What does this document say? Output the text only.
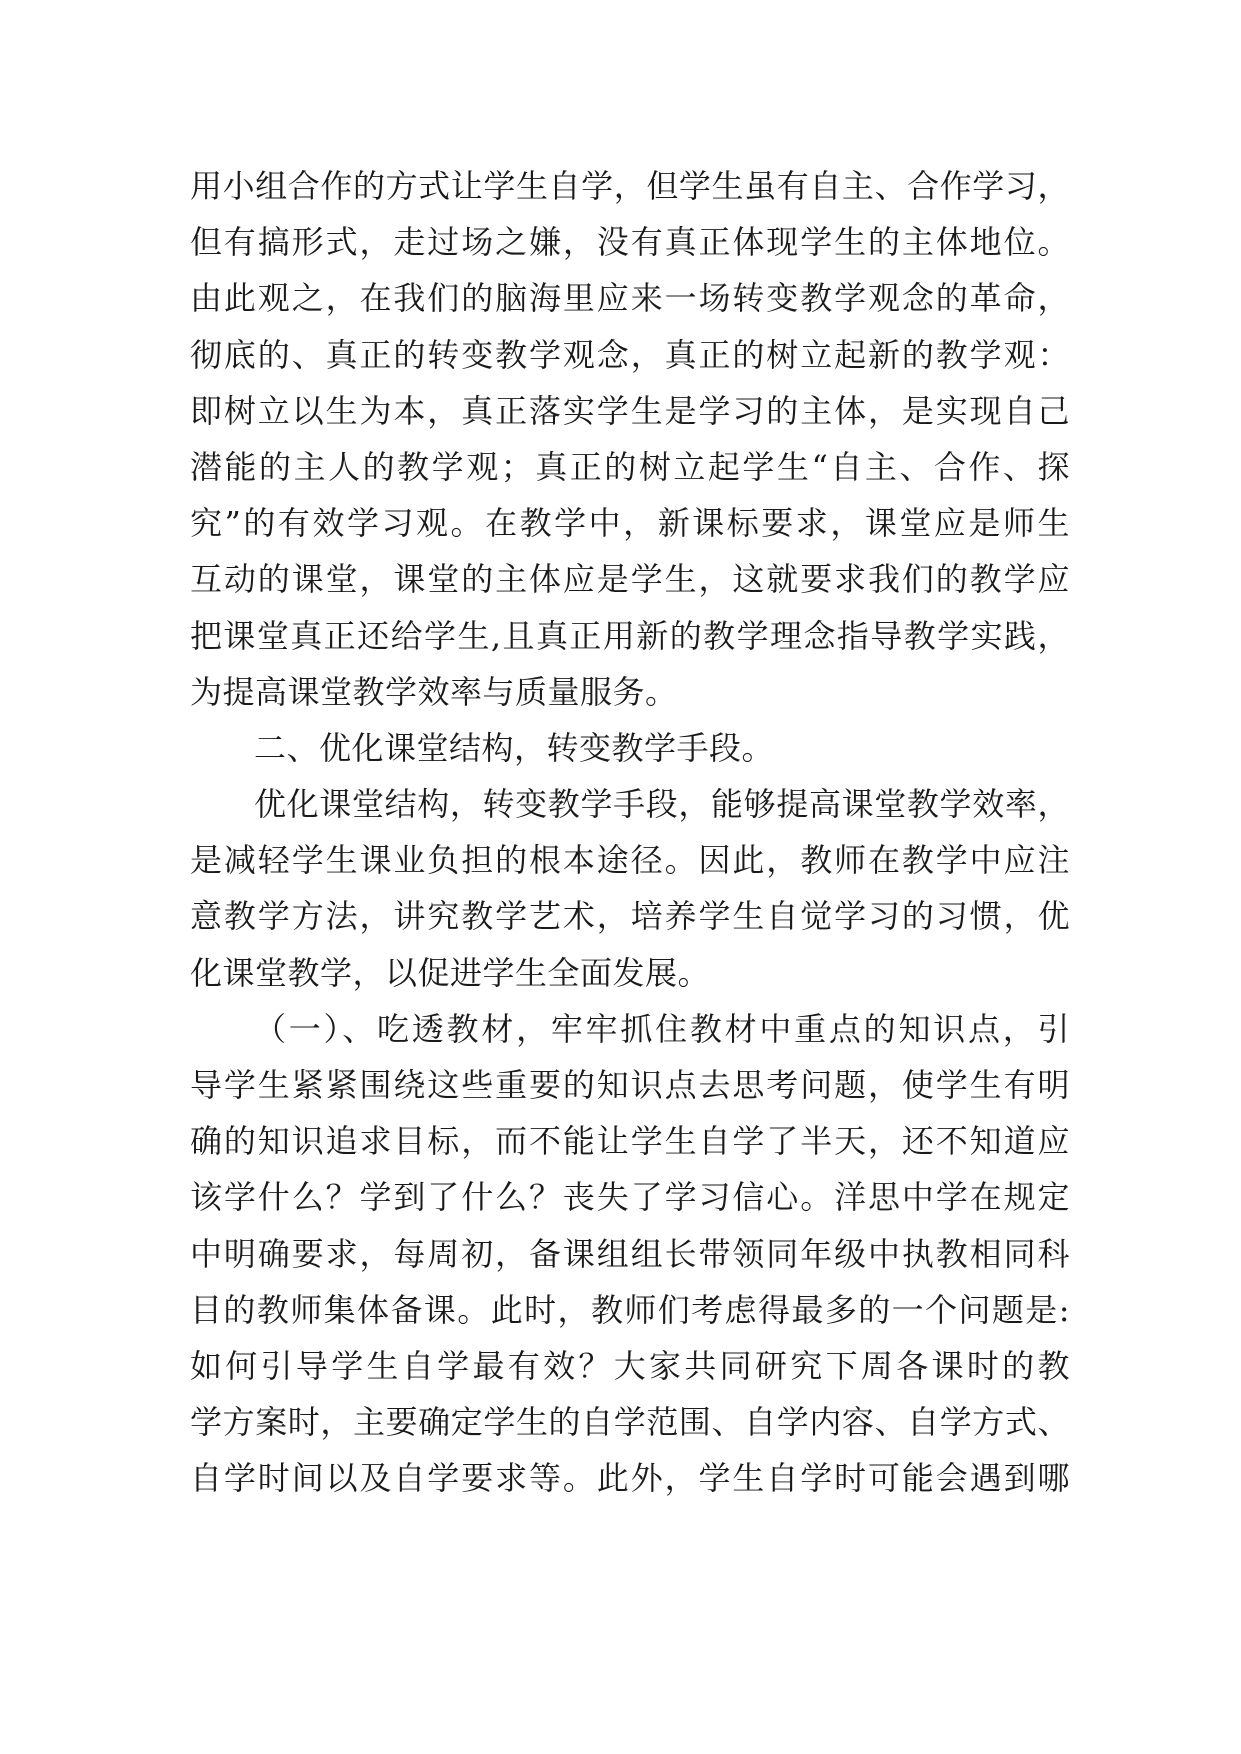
用小组合作的方式让学生自学，但学生虽有自主、合作学习，
但有搞形式，走过场之嫌，没有真正体现学生的主体地位。
由此观之，在我们的脑海里应来一场转变教学观念的革命，
彻底的、真正的转变教学观念，真正的树立起新的教学观：
即树立以生为本，真正落实学生是学习的主体，是实现自己
潜能的主人的教学观；真正的树立起学生“自主、合作、探
究”的有效学习观。在教学中，新课标要求，课堂应是师生
互动的课堂，课堂的主体应是学生，这就要求我们的教学应
把课堂真正还给学生,且真正用新的教学理念指导教学实践，
为提高课堂教学效率与质量服务。
二、优化课堂结构，转变教学手段。
优化课堂结构，转变教学手段，能够提高课堂教学效率，
是减轻学生课业负担的根本途径。因此，教师在教学中应注
意教学方法，讲究教学艺术，培养学生自觉学习的习惯，优
化课堂教学，以促进学生全面发展。
（一）、吃透教材，牢牢抓住教材中重点的知识点，引
导学生紧紧围绕这些重要的知识点去思考问题，使学生有明
确的知识追求目标，而不能让学生自学了半天，还不知道应
该学什么？学到了什么？丧失了学习信心。洋思中学在规定
中明确要求，每周初，备课组组长带领同年级中执教相同科
目的教师集体备课。此时，教师们考虑得最多的一个问题是:
如何引导学生自学最有效？大家共同研究下周各课时的教
学方案时，主要确定学生的自学范围、自学内容、自学方式、
自学时间以及自学要求等。此外，学生自学时可能会遇到哪
